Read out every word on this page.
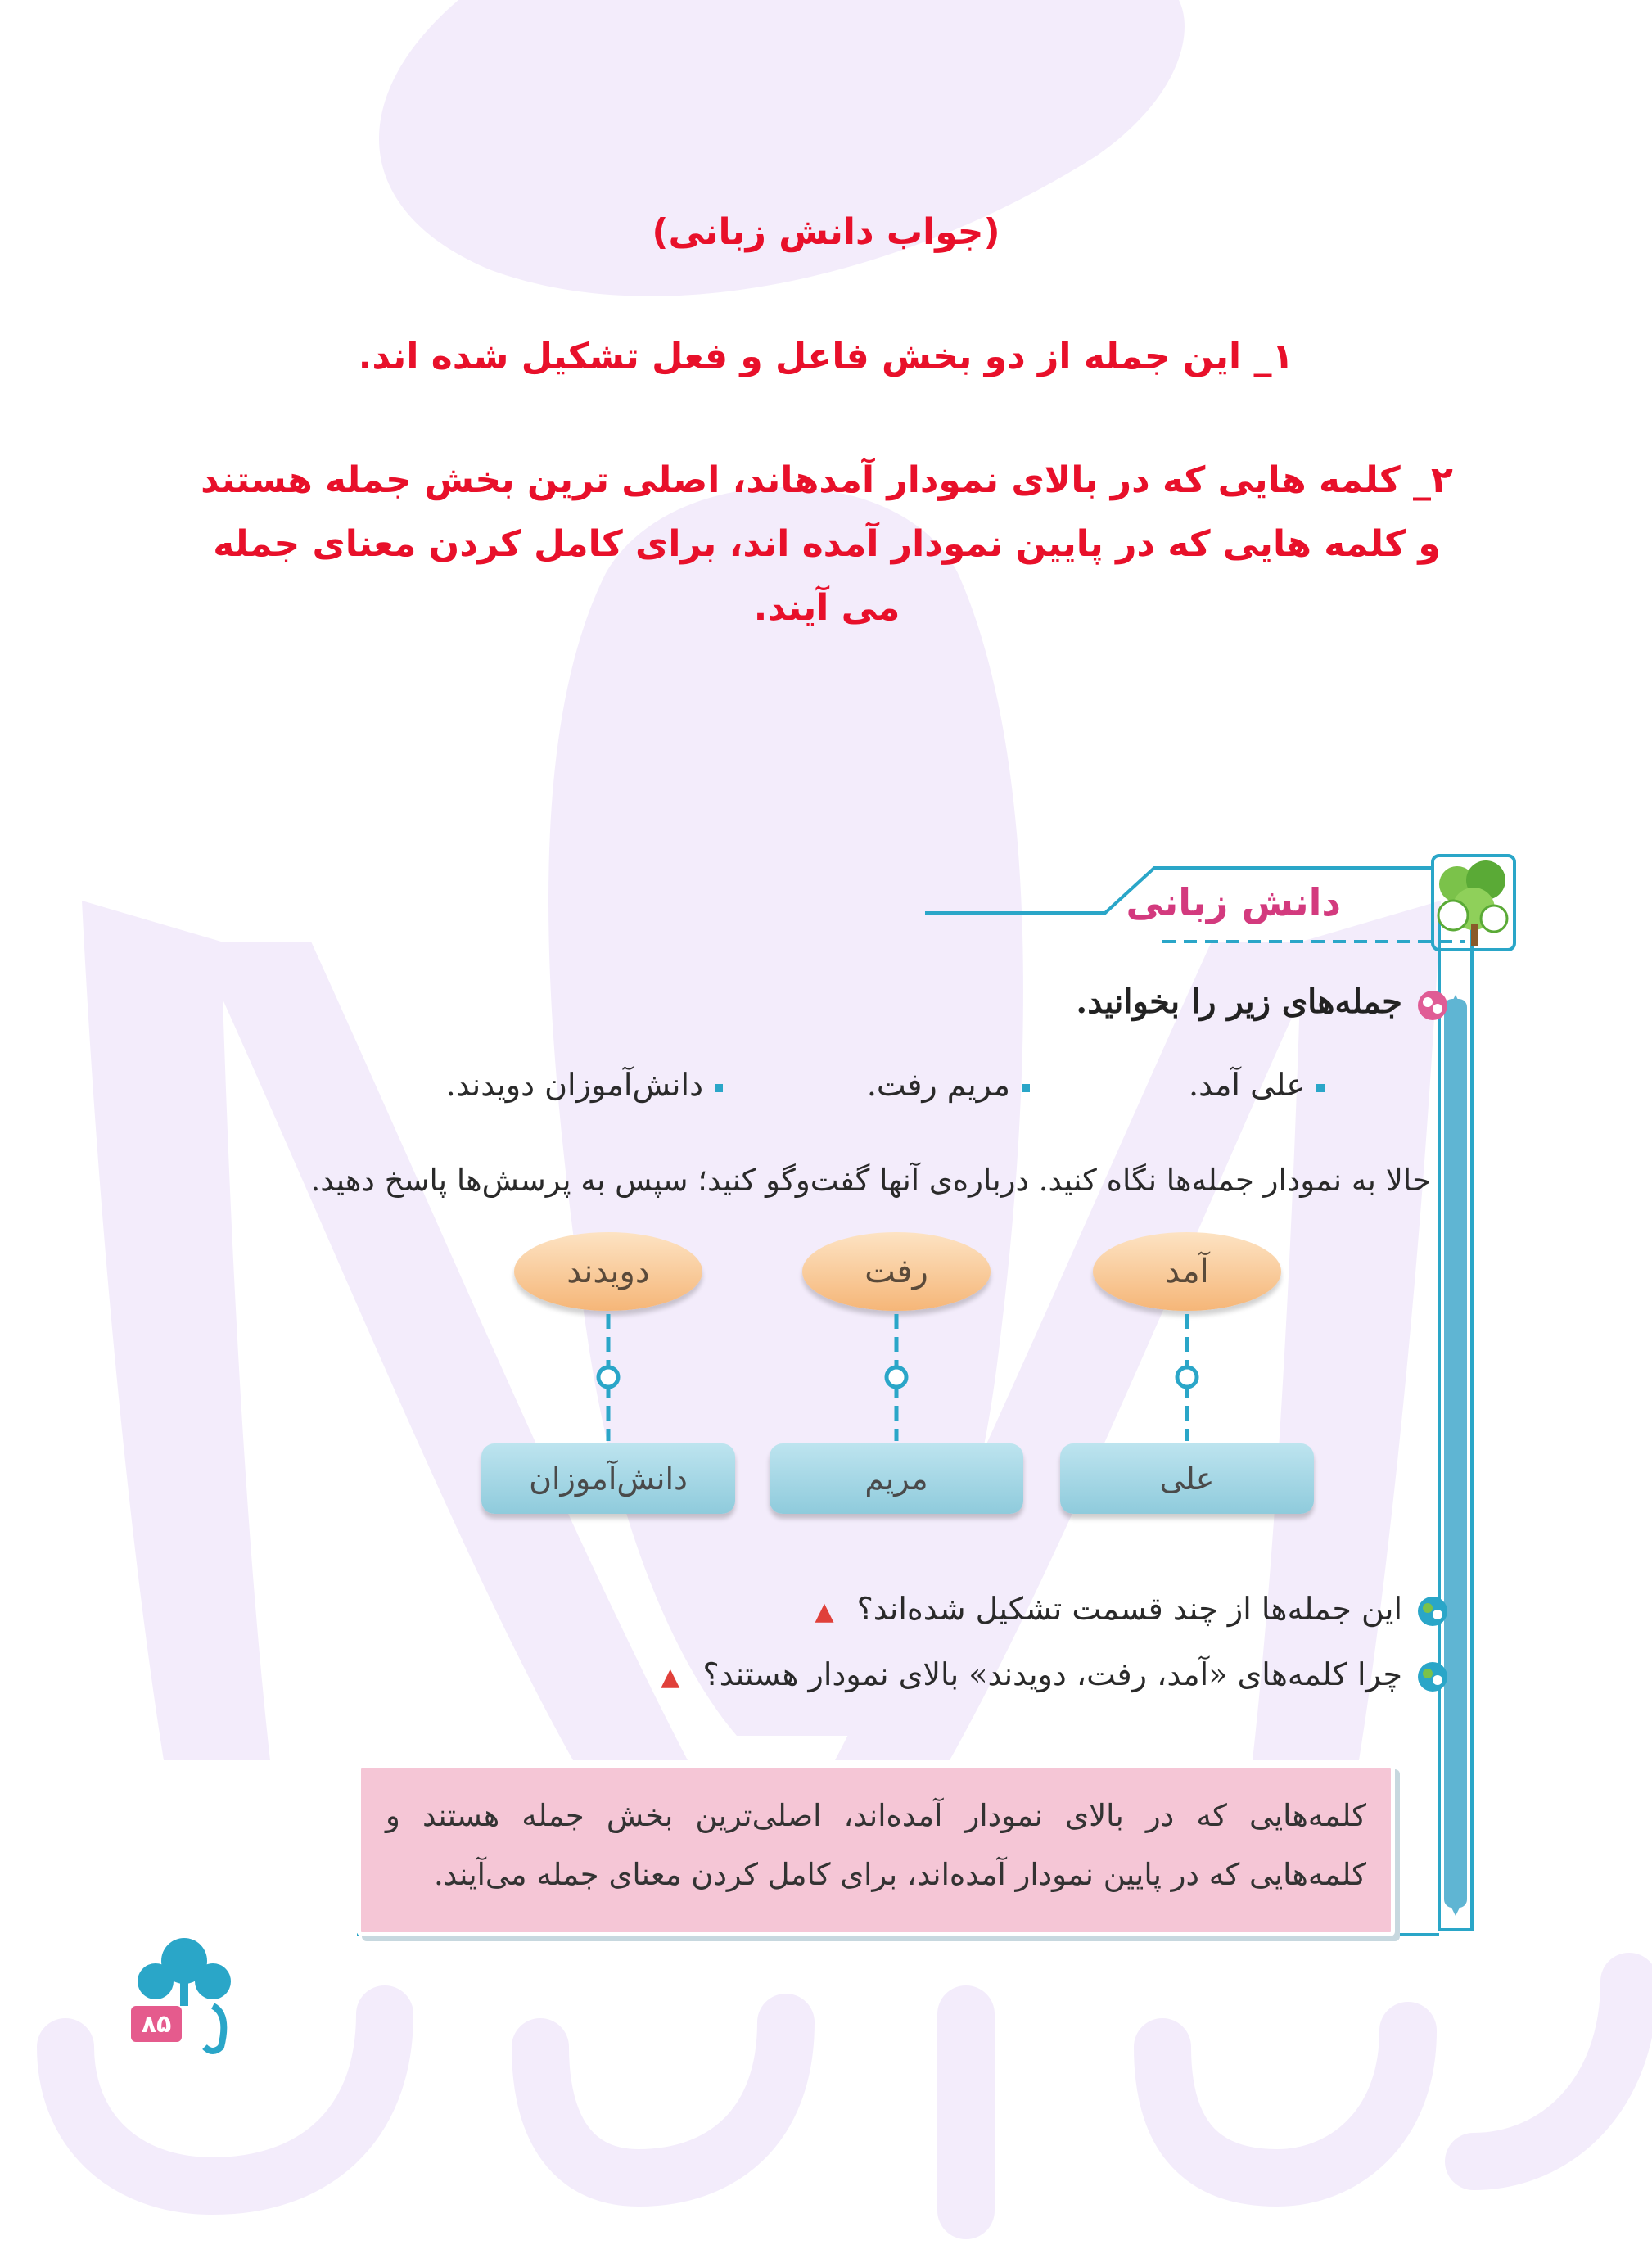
(جواب دانش زبانی)
۱_ این جمله از دو بخش فاعل و فعل تشکیل شده اند.
۲_ کلمه هایی که در بالای نمودار آمدهاند، اصلی ترین بخش جمله هستند و کلمه هایی که در پایین نمودار آمده اند، برای کامل کردن معنای جمله می آیند.
دانش زبانی
جمله‌های زیر را بخوانید.
علی آمد.
مریم رفت.
دانش‌آموزان دویدند.
حالا به نمودار جمله‌ها نگاه کنید. درباره‌ی آنها گفت‌وگو کنید؛ سپس به پرسش‌ها پاسخ دهید.
آمد
رفت
دویدند
علی
مریم
دانش‌آموزان
این جمله‌ها از چند قسمت تشکیل شده‌اند؟ ▲
چرا کلمه‌های «آمد، رفت، دویدند» بالای نمودار هستند؟ ▲

کلمه‌هایی که در بالای نمودار آمده‌اند، اصلی‌ترین بخش جمله هستند و کلمه‌هایی که در پایین نمودار آمده‌اند، برای کامل کردن معنای جمله می‌آیند.

۸۵
